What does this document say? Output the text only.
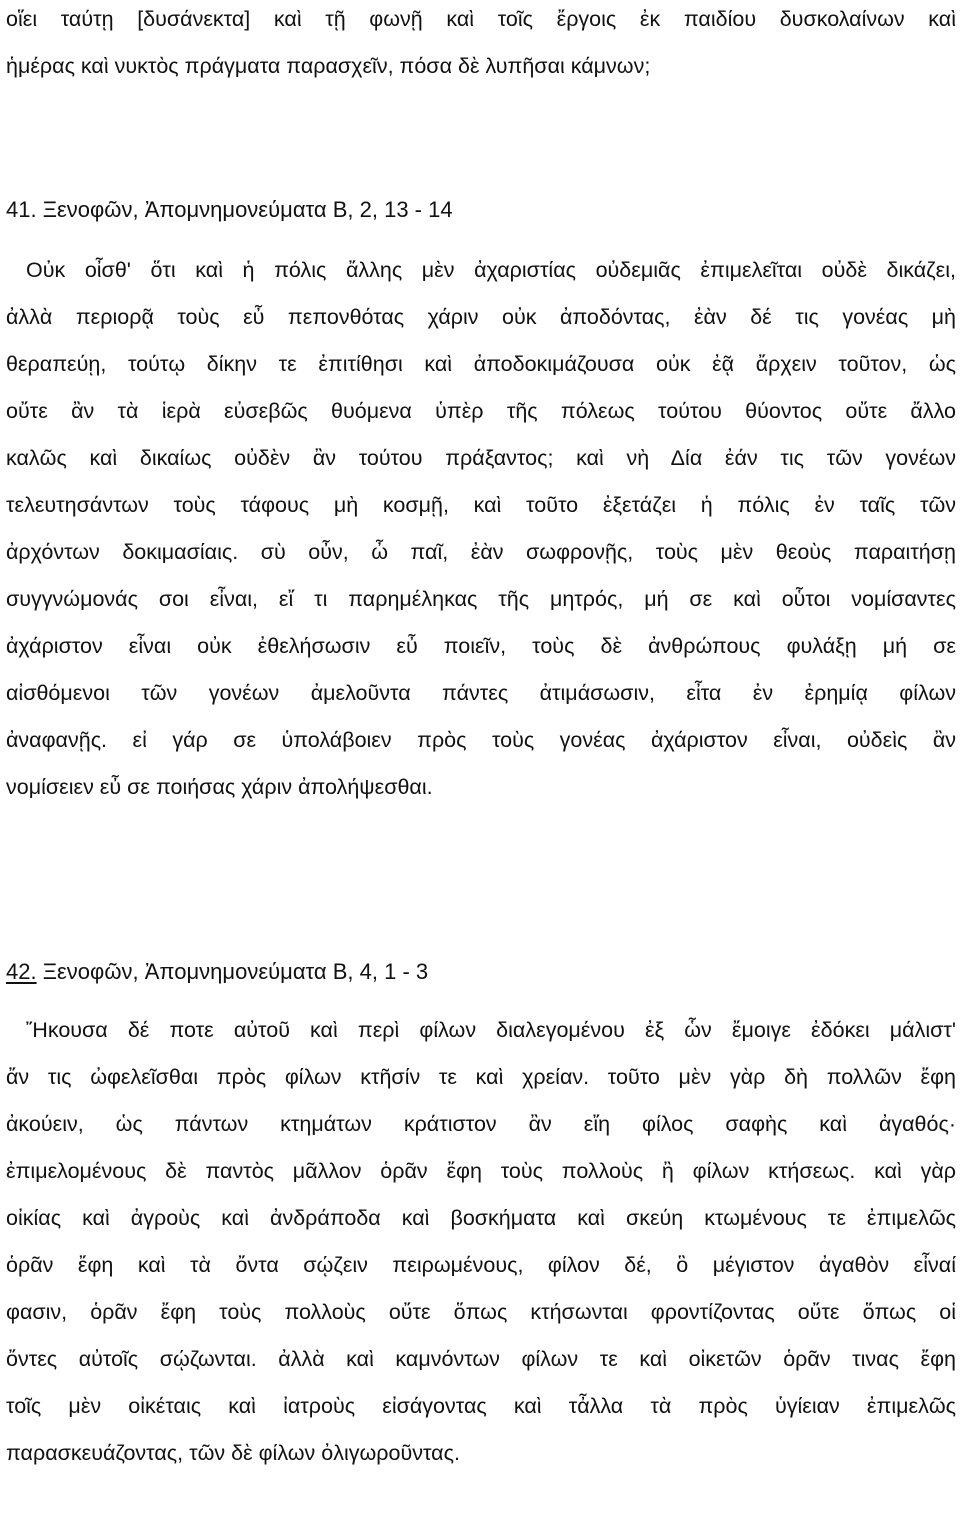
οἵει ταύτῃ [δυσάνεκτα] καὶ τῇ φωνῇ καὶ τοῖς ἔργοις ἐκ παιδίου δυσκολαίνων καὶ
ἡμέρας καὶ νυκτὸς πράγματα παρασχεῖν, πόσα δὲ λυπῆσαι κάμνων;
41. Ξενοφῶν, Ἀπομνημονεύματα Β, 2, 13 - 14
Οὐκ οἶσθ' ὅτι καὶ ἡ πόλις ἄλλης μὲν ἀχαριστίας οὐδεμιᾶς ἐπιμελεῖται οὐδὲ δικάζει,
ἀλλὰ περιορᾷ τοὺς εὖ πεπονθότας χάριν οὐκ ἀποδόντας, ἐὰν δέ τις γονέας μὴ
θεραπεύῃ, τούτῳ δίκην τε ἐπιτίθησι καὶ ἀποδοκιμάζουσα οὐκ ἐᾷ ἄρχειν τοῦτον, ὡς
οὔτε ἂν τὰ ἱερὰ εὐσεβῶς θυόμενα ὑπὲρ τῆς πόλεως τούτου θύοντος οὔτε ἄλλο
καλῶς καὶ δικαίως οὐδὲν ἂν τούτου πράξαντος; καὶ νὴ Δία ἐάν τις τῶν γονέων
τελευτησάντων τοὺς τάφους μὴ κοσμῇ, καὶ τοῦτο ἐξετάζει ἡ πόλις ἐν ταῖς τῶν
ἀρχόντων δοκιμασίαις. σὺ οὖν, ὦ παῖ, ἐὰν σωφρονῇς, τοὺς μὲν θεοὺς παραιτήσῃ
συγγνώμονάς σοι εἶναι, εἴ τι παρημέληκας τῆς μητρός, μή σε καὶ οὗτοι νομίσαντες
ἀχάριστον εἶναι οὐκ ἐθελήσωσιν εὖ ποιεῖν, τοὺς δὲ ἀνθρώπους φυλάξῃ μή σε
αἰσθόμενοι τῶν γονέων ἀμελοῦντα πάντες ἀτιμάσωσιν, εἶτα ἐν ἐρημίᾳ φίλων
ἀναφανῇς. εἰ γάρ σε ὑπολάβοιεν πρὸς τοὺς γονέας ἀχάριστον εἶναι, οὐδεὶς ἂν
νομίσειεν εὖ σε ποιήσας χάριν ἀπολήψεσθαι.
42. Ξενοφῶν, Ἀπομνημονεύματα Β, 4, 1 - 3
Ἤκουσα δέ ποτε αὐτοῦ καὶ περὶ φίλων διαλεγομένου ἐξ ὧν ἔμοιγε ἐδόκει μάλιστ'
ἄν τις ὠφελεῖσθαι πρὸς φίλων κτῆσίν τε καὶ χρείαν. τοῦτο μὲν γὰρ δὴ πολλῶν ἔφη
ἀκούειν, ὡς πάντων κτημάτων κράτιστον ἂν εἴη φίλος σαφὴς καὶ ἀγαθός·
ἐπιμελομένους δὲ παντὸς μᾶλλον ὁρᾶν ἔφη τοὺς πολλοὺς ἢ φίλων κτήσεως. καὶ γὰρ
οἰκίας καὶ ἀγροὺς καὶ ἀνδράποδα καὶ βοσκήματα καὶ σκεύη κτωμένους τε ἐπιμελῶς
ὁρᾶν ἔφη καὶ τὰ ὄντα σῴζειν πειρωμένους, φίλον δέ, ὃ μέγιστον ἀγαθὸν εἶναί
φασιν, ὁρᾶν ἔφη τοὺς πολλοὺς οὔτε ὅπως κτήσωνται φροντίζοντας οὔτε ὅπως οἱ
ὄντες αὐτοῖς σῴζωνται. ἀλλὰ καὶ καμνόντων φίλων τε καὶ οἰκετῶν ὁρᾶν τινας ἔφη
τοῖς μὲν οἰκέταις καὶ ἰατροὺς εἰσάγοντας καὶ τἆλλα τὰ πρὸς ὑγίειαν ἐπιμελῶς
παρασκευάζοντας, τῶν δὲ φίλων ὀλιγωροῦντας.
